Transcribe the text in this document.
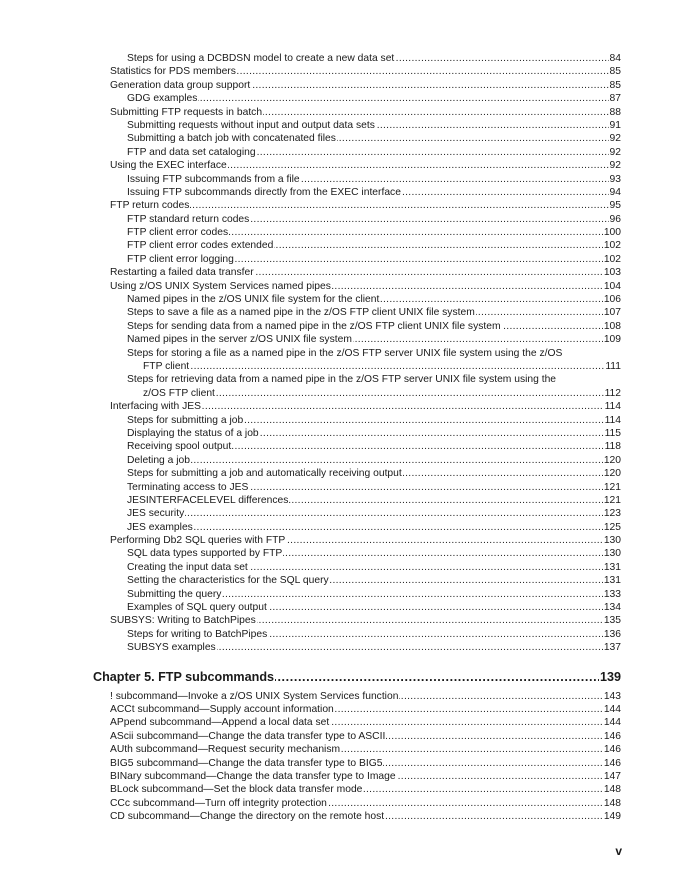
Steps for using a DCBDSN model to create a new data set	84
.....
Statistics for PDS members	85
.....
Generation data group support	85
.....
GDG examples	87
.....
Submitting FTP requests in batch	88
.....
Submitting requests without input and output data sets	91
.....
Submitting a batch job with concatenated files	92
.....
FTP and data set cataloging	92
.....
Using the EXEC interface	92
.....
Issuing FTP subcommands from a file	93
.....
Issuing FTP subcommands directly from the EXEC interface	94
.....
FTP return codes	95
.....
FTP standard return codes	96
.....
FTP client error codes	100
.....
FTP client error codes extended	102
.....
FTP client error logging	102
.....
Restarting a failed data transfer	103
.....
Using z/OS UNIX System Services named pipes	104
.....
Named pipes in the z/OS UNIX file system for the client	106
.....
Steps to save a file as a named pipe in the z/OS FTP client UNIX file system	107
.....
Steps for sending data from a named pipe in the z/OS FTP client UNIX file system	108
.....
Named pipes in the server z/OS UNIX file system	109
.....
Steps for storing a file as a named pipe in the z/OS FTP server UNIX file system using the z/OS
FTP client	111
.....
Steps for retrieving data from a named pipe in the z/OS FTP server UNIX file system using the
z/OS FTP client	112
.....
Interfacing with JES	114
.....
Steps for submitting a job	114
.....
Displaying the status of a job	115
.....
Receiving spool output	118
.....
Deleting a job	120
.....
Steps for submitting a job and automatically receiving output	120
.....
Terminating access to JES	121
.....
JESINTERFACELEVEL differences	121
.....
JES security	123
.....
JES examples	125
.....
Performing Db2 SQL queries with FTP	130
.....
SQL data types supported by FTP	130
.....
Creating the input data set	131
.....
Setting the characteristics for the SQL query	131
.....
Submitting the query	133
.....
Examples of SQL query output	134
.....
SUBSYS: Writing to BatchPipes	135
.....
Steps for writing to BatchPipes	136
.....
SUBSYS examples	137
.....
Chapter 5. FTP subcommands	139
.....
! subcommand—Invoke a z/OS UNIX System Services function	143
.....
ACCt subcommand—Supply account information	144
.....
APpend subcommand—Append a local data set	144
.....
AScii subcommand—Change the data transfer type to ASCII	146
.....
AUth subcommand—Request security mechanism	146
.....
BIG5 subcommand—Change the data transfer type to BIG5	146
.....
BINary subcommand—Change the data transfer type to Image	147
.....
BLock subcommand—Set the block data transfer mode	148
.....
CCc subcommand—Turn off integrity protection	148
.....
CD subcommand—Change the directory on the remote host	149
.....
v
